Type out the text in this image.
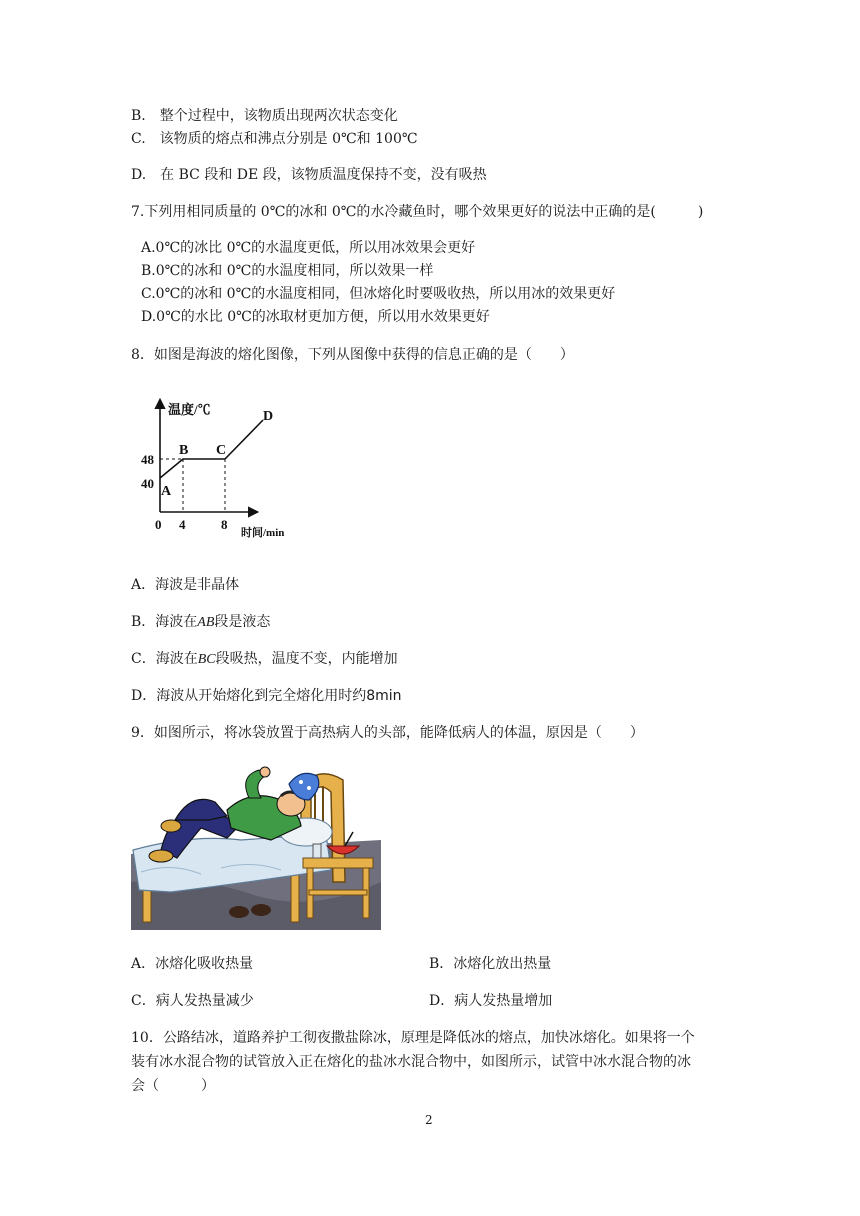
B.　整个过程中，该物质出现两次状态变化
C.　该物质的熔点和沸点分别是 0℃和 100℃
D.　在 BC 段和 DE 段，该物质温度保持不变，没有吸热
7.下列用相同质量的 0℃的冰和 0℃的水冷藏鱼时，哪个效果更好的说法中正确的是(　　　)
A.0℃的冰比 0℃的水温度更低，所以用冰效果会更好
B.0℃的冰和 0℃的水温度相同，所以效果一样
C.0℃的冰和 0℃的水温度相同，但冰熔化时要吸收热，所以用冰的效果更好
D.0℃的水比 0℃的冰取材更加方便，所以用水效果更好
8．如图是海波的熔化图像，下列从图像中获得的信息正确的是（　　）
温度/℃
时间/min
48
40
0 4	8
A
B C
D
A．海波是非晶体
B．海波在AB段是液态
C．海波在BC段吸热，温度不变，内能增加
D．海波从开始熔化到完全熔化用时约8min
9．如图所示，将冰袋放置于高热病人的头部，能降低病人的体温，原因是（　　）
A．冰熔化吸收热量	B．冰熔化放出热量
C．病人发热量减少	D．病人发热量增加
10．公路结冰，道路养护工彻夜撒盐除冰，原理是降低冰的熔点，加快冰熔化。如果将一个
装有冰水混合物的试管放入正在熔化的盐冰水混合物中，如图所示，试管中冰水混合物的冰
会（　　　）
2
